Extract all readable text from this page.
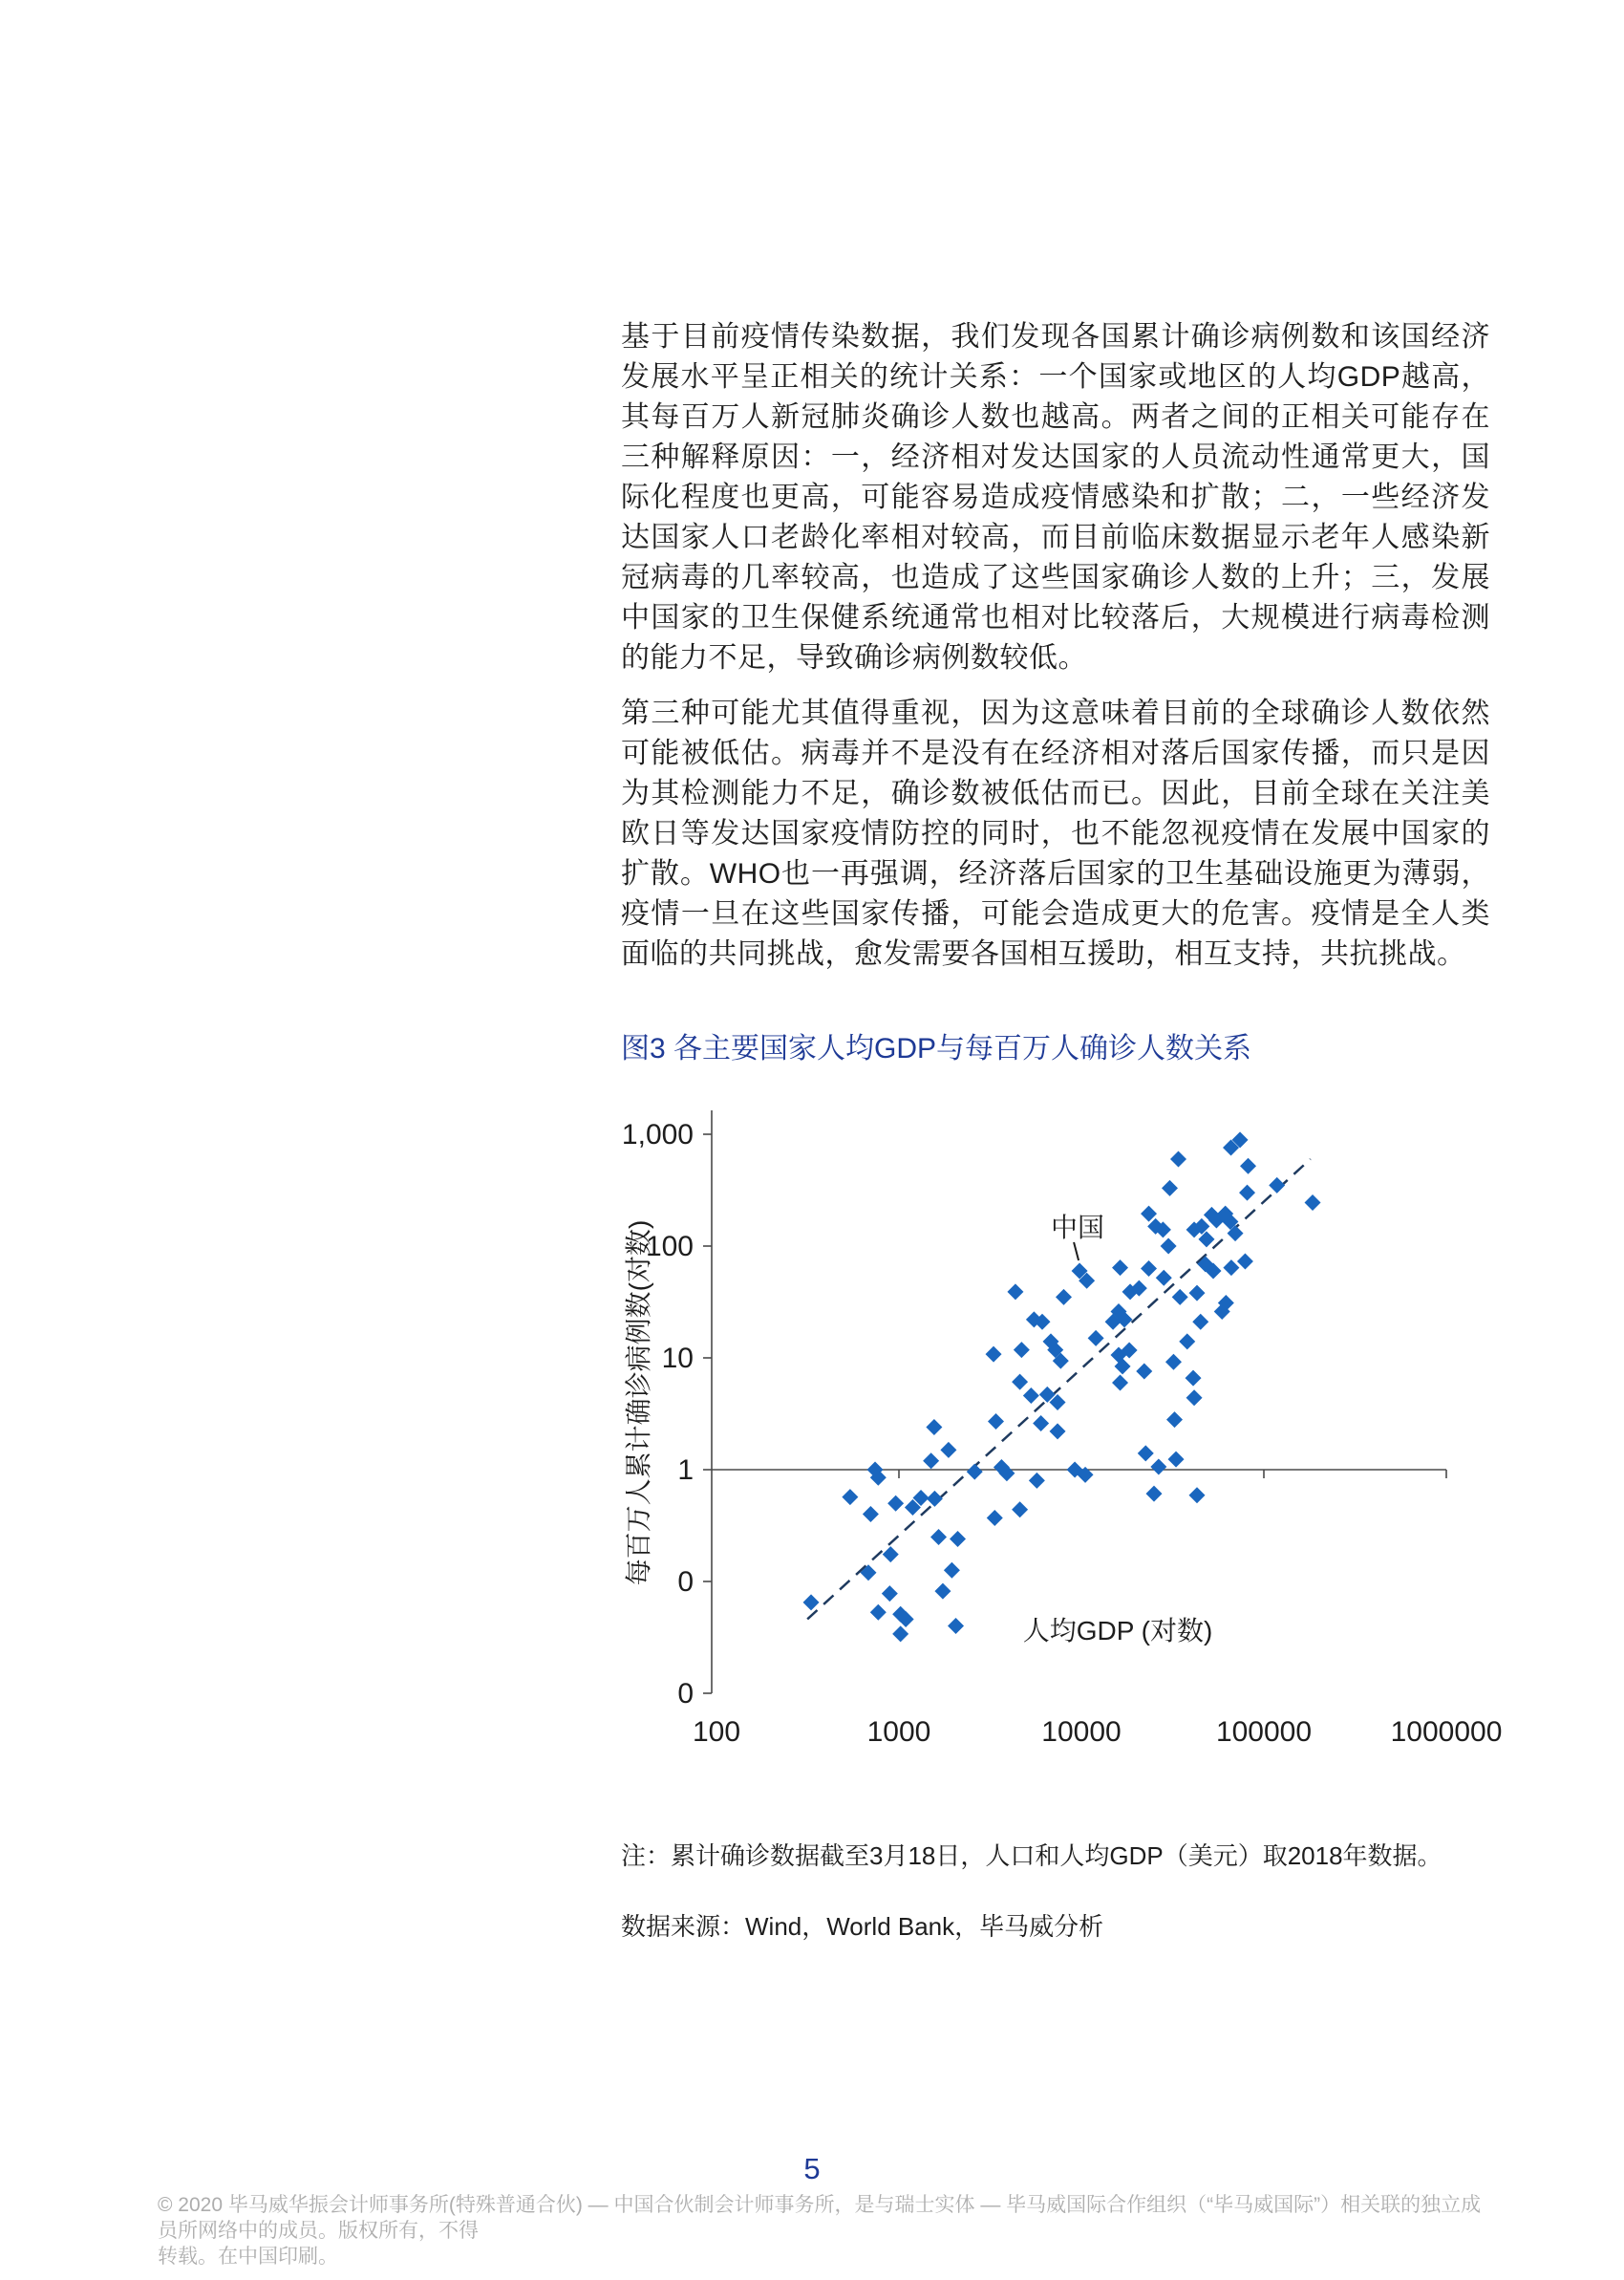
基于目前疫情传染数据，我们发现各国累计确诊病例数和该国经济发展水平呈正相关的统计关系：一个国家或地区的人均GDP越高，其每百万人新冠肺炎确诊人数也越高。两者之间的正相关可能存在三种解释原因：一，经济相对发达国家的人员流动性通常更大，国际化程度也更高，可能容易造成疫情感染和扩散；二，一些经济发达国家人口老龄化率相对较高，而目前临床数据显示老年人感染新冠病毒的几率较高，也造成了这些国家确诊人数的上升；三，发展中国家的卫生保健系统通常也相对比较落后，大规模进行病毒检测的能力不足，导致确诊病例数较低。
第三种可能尤其值得重视，因为这意味着目前的全球确诊人数依然可能被低估。病毒并不是没有在经济相对落后国家传播，而只是因为其检测能力不足，确诊数被低估而已。因此，目前全球在关注美欧日等发达国家疫情防控的同时，也不能忽视疫情在发展中国家的扩散。WHO也一再强调，经济落后国家的卫生基础设施更为薄弱，疫情一旦在这些国家传播，可能会造成更大的危害。疫情是全人类面临的共同挑战，愈发需要各国相互援助，相互支持，共抗挑战。
图3 各主要国家人均GDP与每百万人确诊人数关系
1,000
100
10
1
0
0
100	1000	10000	100000	1000000
每百万人累计确诊病例数(对数)
人均GDP (对数)
中国
注：累计确诊数据截至3月18日，人口和人均GDP（美元）取2018年数据。
数据来源：Wind，World Bank，毕马威分析
5
© 2020 毕马威华振会计师事务所(特殊普通合伙) — 中国合伙制会计师事务所，是与瑞士实体 — 毕马威国际合作组织（“毕马威国际”）相关联的独立成员所网络中的成员。版权所有，不得
转载。在中国印刷。
